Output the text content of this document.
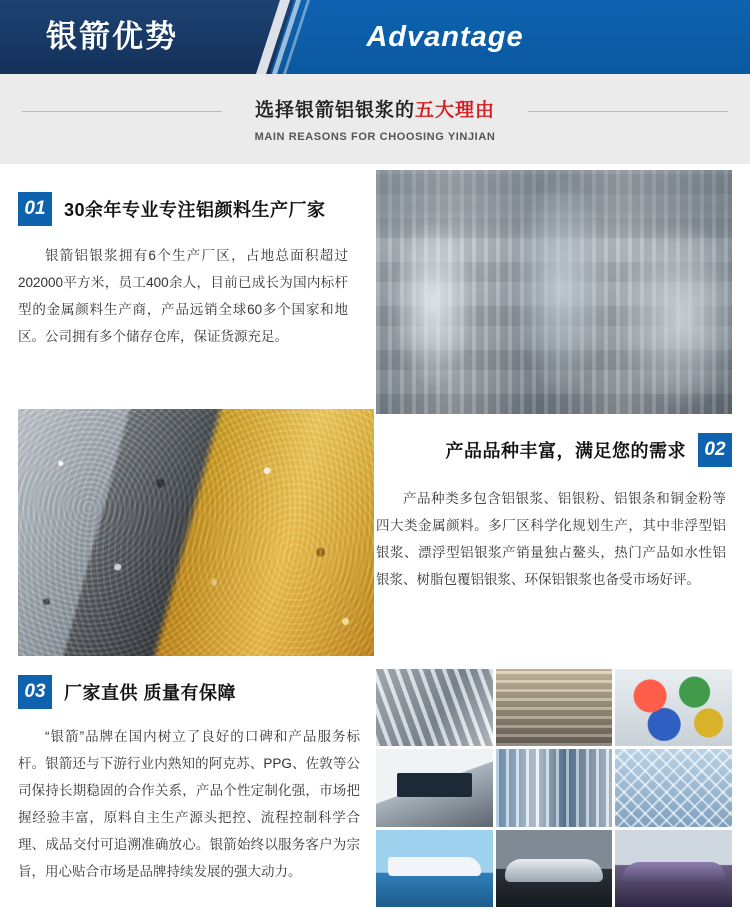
Advantage
银箭优势
选择银箭铝银浆的五大理由
MAIN REASONS FOR CHOOSING YINJIAN
01	30余年专业专注铝颜料生产厂家
银箭铝银浆拥有6个生产厂区，占地总面积超过202000平方米，员工400余人，目前已成长为国内标杆型的金属颜料生产商，产品远销全球60多个国家和地区。公司拥有多个储存仓库，保证货源充足。
产品品种丰富，满足您的需求 02
产品种类多包含铝银浆、铝银粉、铝银条和铜金粉等四大类金属颜料。多厂区科学化规划生产，其中非浮型铝银浆、漂浮型铝银浆产销量独占鳌头，热门产品如水性铝银浆、树脂包覆铝银浆、环保铝银浆也备受市场好评。
03	厂家直供 质量有保障
“银箭”品牌在国内树立了良好的口碑和产品服务标杆。银箭还与下游行业内熟知的阿克苏、PPG、佐敦等公司保持长期稳固的合作关系，产品个性定制化强，市场把握经验丰富，原料自主生产源头把控、流程控制科学合理、成品交付可追溯准确放心。银箭始终以服务客户为宗旨，用心贴合市场是品牌持续发展的强大动力。
